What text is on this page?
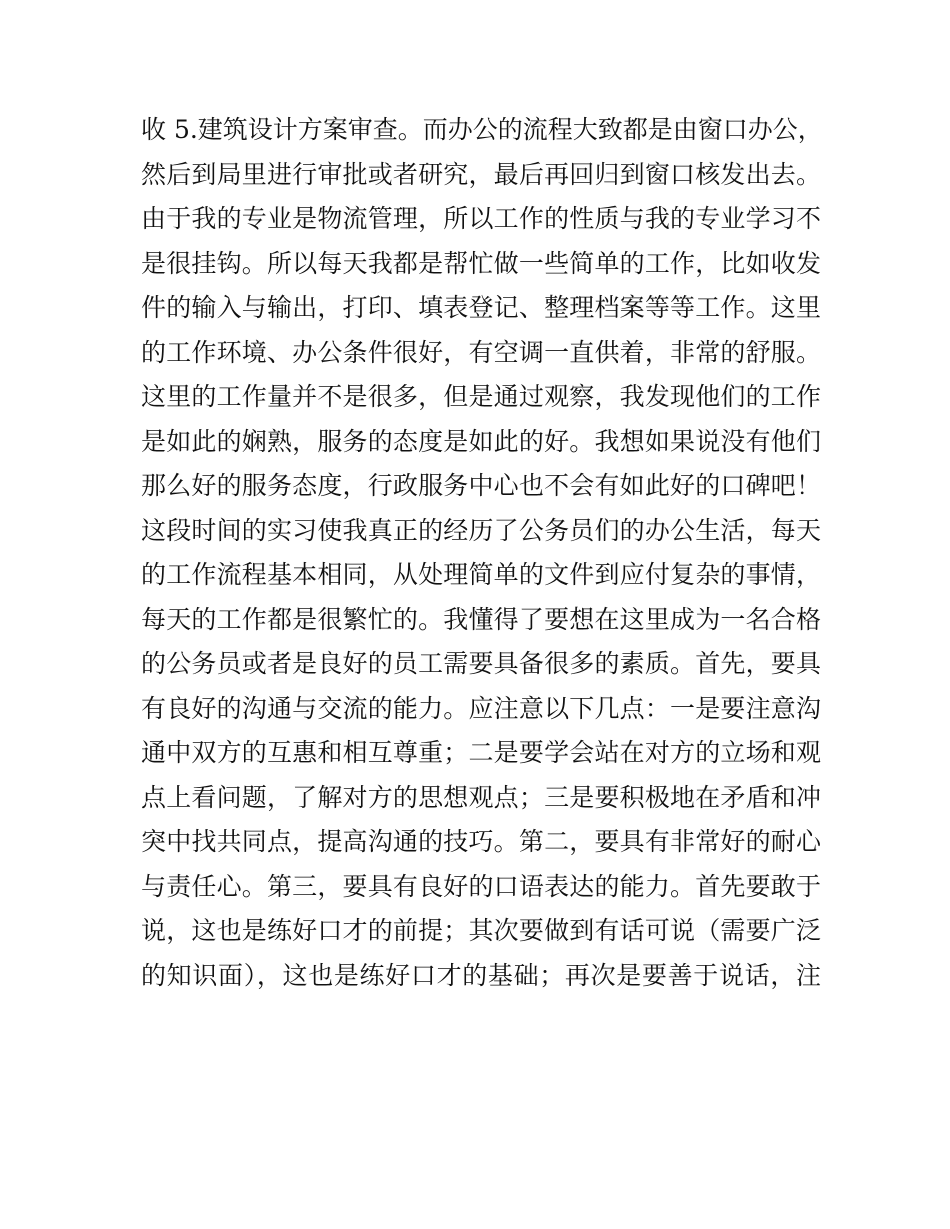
收 5.建筑设计方案审查。而办公的流程大致都是由窗口办公，
然后到局里进行审批或者研究，最后再回归到窗口核发出去。
由于我的专业是物流管理，所以工作的性质与我的专业学习不
是很挂钩。所以每天我都是帮忙做一些简单的工作，比如收发
件的输入与输出，打印、填表登记、整理档案等等工作。这里
的工作环境、办公条件很好，有空调一直供着，非常的舒服。
这里的工作量并不是很多，但是通过观察，我发现他们的工作
是如此的娴熟，服务的态度是如此的好。我想如果说没有他们
那么好的服务态度，行政服务中心也不会有如此好的口碑吧！
这段时间的实习使我真正的经历了公务员们的办公生活，每天
的工作流程基本相同，从处理简单的文件到应付复杂的事情，
每天的工作都是很繁忙的。我懂得了要想在这里成为一名合格
的公务员或者是良好的员工需要具备很多的素质。首先，要具
有良好的沟通与交流的能力。应注意以下几点：一是要注意沟
通中双方的互惠和相互尊重；二是要学会站在对方的立场和观
点上看问题，了解对方的思想观点；三是要积极地在矛盾和冲
突中找共同点，提高沟通的技巧。第二，要具有非常好的耐心
与责任心。第三，要具有良好的口语表达的能力。首先要敢于
说，这也是练好口才的前提；其次要做到有话可说（需要广泛
的知识面），这也是练好口才的基础；再次是要善于说话，注
